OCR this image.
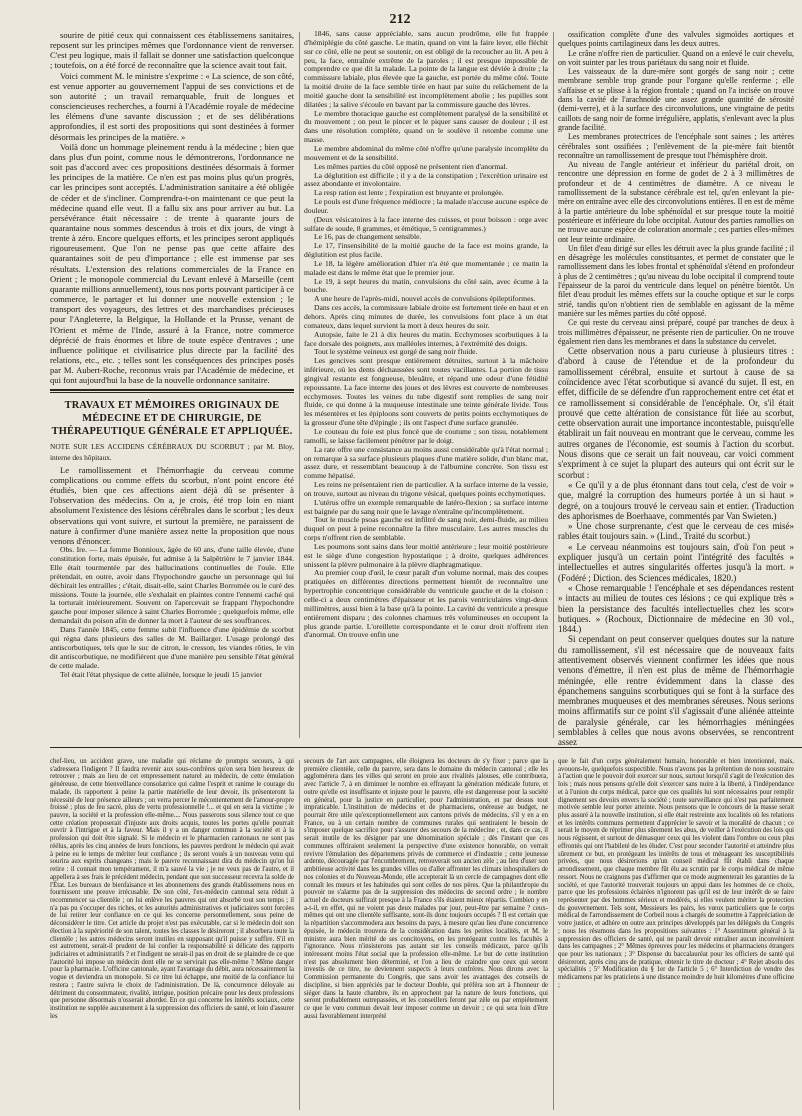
212

sourire de pitié ceux qui connaissent ces établissemens sanitaires, reposent sur les principes mêmes que l'ordonnance vient de renverser. C'est peu logique, mais il fallait se donner une satisfaction quelconque ; toutefois, on a été forcé de reconnaître que la science avait tout fait.

Voici comment M. le ministre s'exprime : « La science, de son côté, est venue apporter au gouvernement l'appui de ses convictions et de son autorité ; un travail remarquable, fruit de longues et consciencieuses recherches, a fourni à l'Académie royale de médecine les élémens d'une savante discussion ; et de ses délibérations approfondies, il est sorti des propositions qui sont destinées à former désormais les principes de la matière. »

Voilà donc un hommage pleinement rendu à la médecine ; bien que dans plus d'un point, comme nous le démontrerons, l'ordonnance ne soit pas d'accord avec ces propositions destinées désormais à former les principes de la matière. Ce n'en est pas moins plus qu'un progrès, car les principes sont acceptés. L'administration sanitaire a été obligée de céder et de s'incliner. Comprendra-t-on maintenant ce que peut la médecine quand elle veut. Il a fallu six ans pour arriver au but. La persévérance était nécessaire : de trente à quarante jours de quarantaine nous sommes descendus à trois et dix jours, de vingt à trente à zéro. Encore quelques efforts, et les principes seront appliqués rigoureusement. Que l'on ne pense pas que cette affaire des quarantaines soit de peu d'importance ; elle est immense par ses résultats. L'extension des relations commerciales de la France en Orient ; le monopole commercial du Levant enlevé à Marseille (cent quarante millions annuellement), tous nos ports pouvant participer à ce commerce, le partager et lui donner une nouvelle extension ; le transport des voyageurs, des lettres et des marchandises précieuses pour l'Angleterre, la Belgique, la Hollande et la Prusse, venant de l'Orient et même de l'Inde, assuré à la France, notre commerce déprécié de frais énormes et libre de toute espèce d'entraves ; une influence politique et civilisatrice plus directe par la facilité des relations, etc., etc. ; telles sont les conséquences des principes posés par M. Aubert-Roche, reconnus vrais par l'Académie de médecine, et qui font aujourd'hui la base de la nouvelle ordonnance sanitaire.

TRAVAUX ET MÉMOIRES ORIGINAUX DE MÉDECINE ET DE CHIRURGIE, DE THÉRAPEUTIQUE GÉNÉRALE ET APPLIQUÉE.

NOTE SUR LES ACCIDENS CÉRÉBRAUX DU SCORBUT ; par M. Bloy, interne des hôpitaux.

Le ramollissement et l'hémorrhagie du cerveau comme complications ou comme effets du scorbut, n'ont point encore été étudiés, bien que ces affections aient déjà dû se présenter à l'observation des médecins. On a, je crois, été trop loin en niant absolument l'existence des lésions cérébrales dans le scorbut ; les deux observations qui vont suivre, et surtout la première, ne paraissent de nature à confirmer d'une manière assez nette la proposition que nous venons d'énoncer.

Obs. Ire. — La femme Bonnioux, âgée de 60 ans, d'une taille élevée, d'une constitution forte, mais épuisée, fut admise à la Salpêtrière le 7 janvier 1844. Elle était tourmentée par des hallucinations continuelles de l'ouïe. Elle prétendait, en outre, avoir dans l'hypochondre gauche un personnage qui lui déchirait les entrailles ; c'était, disait-elle, saint Charles Borromée ou le curé des missions. Toute la journée, elle s'exhalait en plaintes contre l'ennemi caché qui la torturait intérieurement. Souvent on l'apercevait se frappant l'hypochondre gauche pour imposer silence à saint Charles Borromée ; quelquefois même, elle demandait du poison afin de donner la mort à l'auteur de ses souffrances.

Dans l'année 1845, cette femme subit l'influence d'une épidémie de scorbut qui régna dans plusieurs des salles de M. Baillarger. L'usage prolongé des antiscorbutiques, tels que le suc de citron, le cresson, les viandes rôties, le vin dit antiscorbutique, ne modifièrent que d'une manière peu sensible l'état général de cette malade.

Tel était l'état physique de cette aliénée, lorsque le jeudi 15 janvier

1846, sans cause appréciable, sans aucun prodrôme, elle fut frappée d'hémiplégie du côté gauche. Le matin, quand on vint la faire lever, elle fléchit sur ce côté, elle ne peut se soutenir, on est obligé de la recoucher au lit. A peu à peu, la face, entraînée extrême de la paroles ; il est presque impossible de comprendre ce que dit la malade. La pointe de la langue est déviée à droite ; la commissure labiale, plus élevée que la gauche, est portée du même côté. Toute la moitié droite de la face semble tirée en haut par suite du relâchement de la moitié gauche dont la sensibilité est incomplètement abolie ; les pupilles sont dilatées ; la salive s'écoule en bavant par la commissure gauche des lèvres.

Le membre thoracique gauche est complètement paralysé de la sensibilité et du mouvement ; on peut le pincer et le piquer sans causer de douleur ; il est dans une résolution complète, quand on le soulève il retombe comme une masse.

Le membre abdominal du même côté n'offre qu'une paralysie incomplète du mouvement et de la sensibilité.

Les mêmes parties du côté opposé ne présentent rien d'anormal.

La déglutition est difficile ; il y a de la constipation ; l'excrétion urinaire est assez abondante et involontaire.

La resp ration est lente ; l'expiration est bruyante et prolongée.

Le pouls est d'une fréquence médiocre ; la malade n'accuse aucune espèce de douleur.

(Deux vésicatoires à la face interne des cuisses, et pour boisson : orge avec sulfate de soude, 8 grammes, et émétique, 5 centigrammes.)

Le 16, pas de changement sensible.

Le 17, l'insensibilité de la moitié gauche de la face est moins grande, la déglutition est plus facile.

Le 18, la légère amélioration d'hier n'a été que momentanée ; ce matin la malade est dans le même état que le premier jour.

Le 19, à sept heures du matin, convulsions du côté sain, avec écume à la bouche.

A une heure de l'après-midi, nouvel accès de convulsions épileptiformes.

Dans ces accès, la commissure labiale droite est fortement tirée en haut et en dehors. Après cinq minutes de durée, les convulsions font place à un état comateux, dans lequel survient la mort à deux heures du soir.

Autopsie, faite le 21 à dix heures du matin. Ecchymoses scorbutiques à la face dorsale des poignets, aux malléoles internes, à l'extrémité des doigts.

Tout le système veineux est gorgé de sang noir fluide.

Les gencives sont presque entièrement détruites, surtout à la mâchoire inférieure, où les dents déchaussées sont toutes vacillantes. La portion de tissu gingival restante est fongueuse, bleuâtre, et répand une odeur d'une fétidité repoussante. La face interne des joues et des lèvres est couverte de nombreuses ecchymoses. Toutes les veines du tube digestif sont remplies de sang noir fluide, ce qui donne à la muqueuse intestinale une teinte générale livide. Tous les mésentères et les épiploons sont couverts de petits points ecchymotiques de la grosseur d'une tête d'épingle ; ils ont l'aspect d'une surface granulée.

Le couteau du foie est plus foncé que de coutume ; son tissu, notablement ramolli, se laisse facilement pénétrer par le doigt.

La rate offre une consistance au moins aussi considérable qu'à l'état normal ; on remarque à sa surface plusieurs plaques d'une matière solide, d'un blanc mat, assez dure, et ressemblant beaucoup à de l'albumine concrète. Son tissu est comme hépatisé.

Les reins ne présentaient rien de particulier. A la surface interne de la vessie, on trouve, surtout au niveau du trigone vésical, quelques points ecchymotiques.

L'utérus offre un exemple remarquable de latéro-flexion ; sa surface interne est baignée par du sang noir que le lavage n'entraîne qu'incomplètement.

Tout le muscle psoas gauche est infiltré de sang noir, demi-fluide, au milieu duquel on peut à peine reconnaître la fibre musculaire. Les autres muscles du corps n'offrent rien de semblable.

Les poumons sont sains dans leur moitié antérieure ; leur moitié postérieure est le siège d'une congestion hypostatique ; à droite, quelques adhérences unissent la plèvre pulmonaire à la plèvre diaphragmatique.

Au premier coup d'œil, le cœur paraît d'un volume normal, mais des coupes pratiquées en différentes directions permettent bientôt de reconnaître une hypertrophie concentrique considérable du ventricule gauche et de la cloison : celle-ci a deux centimètres d'épaisseur et les parois ventriculaires vingt-deux millimètres, aussi bien à la base qu'à la pointe. La cavité du ventricule a presque entièrement disparu ; des colonnes charnues très volumineuses en occupent la plus grande partie. L'oreillette correspondante et le cœur droit n'offrent rien d'anormal. On trouve enfin une

ossification complète d'une des valvules sigmoïdes aortiques et quelques points cartilagineux dans les deux autres.

Le crâne n'offre rien de particulier. Quand on a enlevé le cuir chevelu, on voit suinter par les trous pariétaux du sang noir et fluide.

Les vaisseaux de la dure-mère sont gorgés de sang noir ; cette membrane semble trop grande pour l'organe qu'elle renferme ; elle s'affaisse et se plisse à la région frontale ; quand on l'a incisée on trouve dans la cavité de l'arachnoïde une assez grande quantité de sérosité (demi-verre), et à la surface des circonvolutions, une vingtaine de petits caillots de sang noir de forme irrégulière, applatis, s'enlevant avec la plus grande facilité.

Les membranes protectrices de l'encéphale sont saines ; les artères cérébrales sont ossifiées ; l'enlèvement de la pie-mère fait bientôt reconnaître un ramollissement de presque tout l'hémisphère droit.

Au niveau de l'angle antérieur et inférieur du pariétal droit, on rencontre une dépression en forme de godet de 2 à 3 millimètres de profondeur et de 4 centimètres de diamètre. A ce niveau le ramollissement de la substance cérébrale est tel, qu'en enlevant la pie-mère on entraîne avec elle des circonvolutions entières. Il en est de même à la partie antérieure du lobe sphénoïdal et sur presque toute la moitié postérieure et inférieure du lobe occipital. Autour des parties ramollies on ne trouve aucune espèce de coloration anormale ; ces parties elles-mêmes ont leur teinte ordinaire.

Un filet d'eau dirigé sur elles les détruit avec la plus grande facilité ; il en désagrège les molécules constituantes, et permet de constater que le ramollissement dans les lobes frontal et sphénoïdal s'étend en profondeur à plus de 2 centimètres ; qu'au niveau du lobe occipital il comprend toute l'épaisseur de la paroi du ventricule dans lequel on pénètre bientôt. Un filet d'eau produit les mêmes effets sur la couche optique et sur le corps strié, tandis qu'on n'obtient rien de semblable en agissant de la même manière sur les mêmes parties du côté opposé.

Ce qui reste du cerveau ainsi préparé, coupé par tranches de deux à trois millimètres d'épaisseur, ne présente rien de particulier. On ne trouve également rien dans les membranes et dans la substance du cervelet.

Cette observation nous a paru curieuse à plusieurs titres : d'abord à cause de l'étendue et de la profondeur du ramollissement cérébral, ensuite et surtout à cause de sa coïncidence avec l'état scorbutique si avancé du sujet. Il est, en effet, difficile de se défendre d'un rapprochement entre cet état et ce ramollissement si considérable de l'encéphale. Or, s'il était prouvé que cette altération de consistance fût liée au scorbut, cette observation aurait une importance incontestable, puisqu'elle établirait un fait nouveau en montrant que le cerveau, comme les autres organes de l'économie, est soumis à l'action du scorbut. Nous disons que ce serait un fait nouveau, car voici comment s'expriment à ce sujet la plupart des auteurs qui ont écrit sur le scorbut :

« Ce qu'il y a de plus étonnant dans tout cela, c'est de voir » que, malgré la corruption des humeurs portée à un si haut » degré, on a toujours trouvé le cerveau sain et entier. (Traduction des aphorismes de Boerhaave, commentés par Van Swieten.)

» Une chose surprenante, c'est que le cerveau de ces misé» rables était toujours sain. » (Lind., Traité du scorbut.)

« Le cerveau néanmoins est toujours sain, d'où l'on peut » expliquer jusqu'à un certain point l'intégrité des facultés » intellectuelles et autres singularités offertes jusqu'à la mort. » (Fodéré ; Diction. des Sciences médicales, 1820.)

« Chose remarquable ! l'encéphale et ses dépendances restent » intacts au milieu de toutes ces lésions ; ce qui explique très » bien la persistance des facultés intellectuelles chez les scor» butiques. » (Rochoux, Dictionnaire de médecine en 30 vol., 1844.)

Si cependant on peut conserver quelques doutes sur la nature du ramollissement, s'il est nécessaire que de nouveaux faits attentivement observés viennent confirmer les idées que nous venons d'émettre, il n'en est plus de même de l'hémorrhagie méningée, elle rentre évidemment dans la classe des épanchemens sanguins scorbutiques qui se font à la surface des membranes muqueuses et des membranes séreuses. Nous serions moins affirmatifs sur ce point s'il s'agissait d'une aliénée atteinte de paralysie générale, car les hémorrhagies méningées semblables à celles que nous avons observées, se rencontrent assez

chef-lieu, un accident grave, une maladie qui réclame de prompts secours, à qui s'adressera l'indigent ? Il faudra revenir aux sous-confrères qu'on sera bien heureux de retrouver ; mais au lieu de cet empressement naturel au médecin, de cette émulation généreuse, de cette bienveillance consolatrice qui calme l'esprit et ranime le courage du malade, ils rapportent à peine la partie matérielle de leur devoir, ils présenteront la nécessité de leur présence ailleurs ; on verra percer le mécontentement de l'amour-propre froissé ; plus de feu sacré, plus de vertu professionnelle !... et qui en sera la victime ; le pauvre, la société et la profession elle-même.... Nous passerons sous silence tout ce que cette création proposerait d'injuste aux droits acquis, toutes les portes qu'elle pourrait ouvrir à l'intrigue et à la faveur. Mais il y a un danger commun à la société et à la profession qui doit être signalé. Si le médecin et le pharmacien cantonaux ne sont pas réélus, après les cinq années de leurs fonctions, les pauvres perdront le médecin qui avait à peine eu le temps de mériter leur confiance ; ils seront voués à un nouveau venu qui sourira aux esprits changeans ; mais le pauvre reconnaissant dira du médecin qu'on lui retire : il connait mon tempérament, il m'a sauvé la vie ; je ne veux pas de l'autre, et il appellera à ses frais le précédent médecin, pendant que son successeur recevra la solde de l'État. Les bureaux de bienfaisance et les abonnemens des grands établissemens nous en fournissent une preuve irrécusable. De son côté, l'ex-médecin cantonal sera réduit à recommencer sa clientèle ; on lui enlève les pauvres qui ont absorbé tout son temps ; il n'a pas pu s'occuper des riches, et les autorités administratives et judiciaires sont forcées de lui retirer leur confiance en ce qui les concerne personnellement, sous peine de déconsidérer le titre. Cet article du projet n'est pas exécutable, car si le médecin doit son élection à la supériorité de son talent, toutes les classes le désireront ; il absorbera toute la clientèle ; les autres médecins seront inutiles en supposant qu'il puisse y suffire. S'il en est autrement, serait-il prudent de lui confier la responsabilité si délicate des rapports judiciaires et administratifs ? et l'indigent ne serait-il pas en droit de se plaindre de ce que l'autorité lui impose un médecin dont elle ne se servirait pas elle-même ? Même danger pour la pharmacie. L'officine cantonale, ayant l'avantage du débit, aura nécessairement la vogue et deviendra un monopole. Si ce titre lui échappe, une moitié de la confiance lui restera ; l'autre suivra le choix de l'administration. De là, concurrence déloyale au détriment du consommateur, rivalité, intrigue, position précaire pour les deux professions que personne désormais n'osserait aborder. En ce qui concerne les intérêts sociaux, cette institution ne supplée aucunement à la suppression des officiers de santé, et loin d'assurer les

secours de l'art aux campagnes, elle éloignera les docteurs de s'y fixer ; parce que la première clientèle, celle du pauvre, sera dans le domaine du médecin cantonal ; elle les agglomérera dans les villes qui seront en proie aux rivalités jalouses, elle contribuera, avec l'article 7, à en diminuer le nombre en effrayant la génération médicale future, et outre qu'elle est insuffisante et injuste pour le pauvre, elle est dangereuse pour la société en général, pour la justice en particulier, pour l'administration, et par dessus tout impraticable. L'institution de médecins et de pharmaciens, onéreuse au budget, ne pourrait être utile qu'exceptionnellement aux cantons privés de médecins, s'il y en a en France, ou à un certain nombre de communes rurales qui sentiraient le besoin de s'imposer quelque sacrifice pour s'assurer des secours de la médecine ; et, dans ce cas, il serait inutile de les désigner par une dénomination spéciale ; dès l'instant que ces communes offriraient seulement la perspective d'une existence honorable, on verrait revivre l'émulation des départemens privés de commerce et d'industrie ; cette jeunesse ardente, découragée par l'encombrement, retrouverait son ancien zèle ; au lieu d'user son ambitieuse activité dans les grandes villes ou d'aller affronter les climats inhospitaliers de nos colonies et du Nouveau-Monde, elle accepterait là un cercle de campagnes dont elle connaît les mœurs et les habitudes qui sont celles de nos pères. Que la philanthropie du pouvoir ne s'alarme pas de la suppression des médecins de second ordre ; le nombre actuel de docteurs suffirait presque à la France s'ils étaient mieux répartis. Combien y en a-t-il, en effet, qui ne voient pas deux malades par jour, peut-être par semaine ? ceux-mêmes qui ont une clientèle suffisante, sont-ils donc toujours occupés ? Il est certain que la répartition s'accommodera aux besoins du pays, à mesure qu'au lieu d'une concurrence épuisée, le médecin trouvera de la considération dans les petites localités, et M. le ministre aura bien mérité de ses concitoyens, en les protégeant contre les facultés à l'ignorance. Nous n'insisterons pas autant sur les conseils médicaux, parce qu'ils intéressent moins l'état social que la profession elle-même. Le but de cette institution n'est pas absolument bien déterminé, et l'on a lieu de craindre que ceux qui seront investis de ce titre, ne deviennent suspects à leurs confrères. Nous dirons avec la Commission permanente du Congrès, que sans avoir les avantages des conseils de discipline, si bien appréciés par le docteur Double, qui préféra son art à l'honneur de siéger dans la haute chambre, ils en approchent par la nature de leurs fonctions, qui seront probablement outrepassées, et les conseillers feront par zèle ou par empiétement ce que le vœu commun devait leur imposer comme un devoir ; ce qui sera loin d'être aussi favorablement interprété

que le fait d'un corps généralement humain, honorable et bien intentionné, mais, avouons-le, quelquefois suspectible. Nous n'avons pas la prétention de nous soustraire à l'action que le pouvoir doit exercer sur nous, surtout lorsqu'il s'agit de l'exécution des lois ; mais nous pensons qu'elle doit s'exercer sans nuire à la liberté, à l'indépendance et à l'union du corps médical, parce que ces qualités lui sont nécessaires pour remplir dignement ses devoirs envers la société ; toute surveillance qui n'est pas parfaitement motivée semble leur porter atteinte. Nous pensons que le concours de la masse serait plus assuré à la nouvelle institution, si elle était restreinte aux localités où les relations et les intérêts communs permettent d'apprécier le savoir et la moralité de chacun ; ce serait le moyen de réprimer plus sûrement les abus, de veiller à l'exécution des lois qui nous régissent, et surtout de démasquer ceux qui les violent dans l'ombre ou ceux plus effrontés qui ont l'habileté de les éluder. C'est pour seconder l'autorité et atteindre plus sûrement ce but, en protégeant les intérêts de tous et ménageant les susceptibilités privées, que nous désirerions qu'un conseil médical fût établi dans chaque arrondissement, que chaque membre fût élu au scrutin par le corps médical de même ressort. Nous ne craignons pas d'affirmer que ce mode augmenterait les garanties de la société, et que l'autorité trouverait toujours un appui dans les hommes de ce choix, parce que les professions éclairées n'ignorent pas qu'il est de leur intérêt de se faire représenter par des hommes sérieux et modérés, si elles veulent mériter la protection du gouvernement. Tels sont, Messieurs les pairs, les vœux particuliers que le corps médical de l'arrondissement de Corbeil nous a chargés de soumettre à l'appréciation de votre justice, et adhère en outre aux principes développés par les délégués du Congrès ; nous les résumons dans les propositions suivantes : 1° Assentiment général à la suppression des officiers de santé, qui ne paraît devoir entraîner aucun inconvénient dans les campagnes ; 2° Mêmes épreuves pour les médecins et pharmaciens étrangers que pour les nationaux ; 3° Dispense du baccalauréat pour les officiers de santé qui désireront, après cinq ans de pratique, obtenir le titre de docteur ; 4° Rejet absolu des spécialités ; 5° Modification du § 1er de l'article 5 ; 6° Interdiction de vendre des médicamens par les praticiens à une distance moindre de huit kilomètres d'une officine ;
